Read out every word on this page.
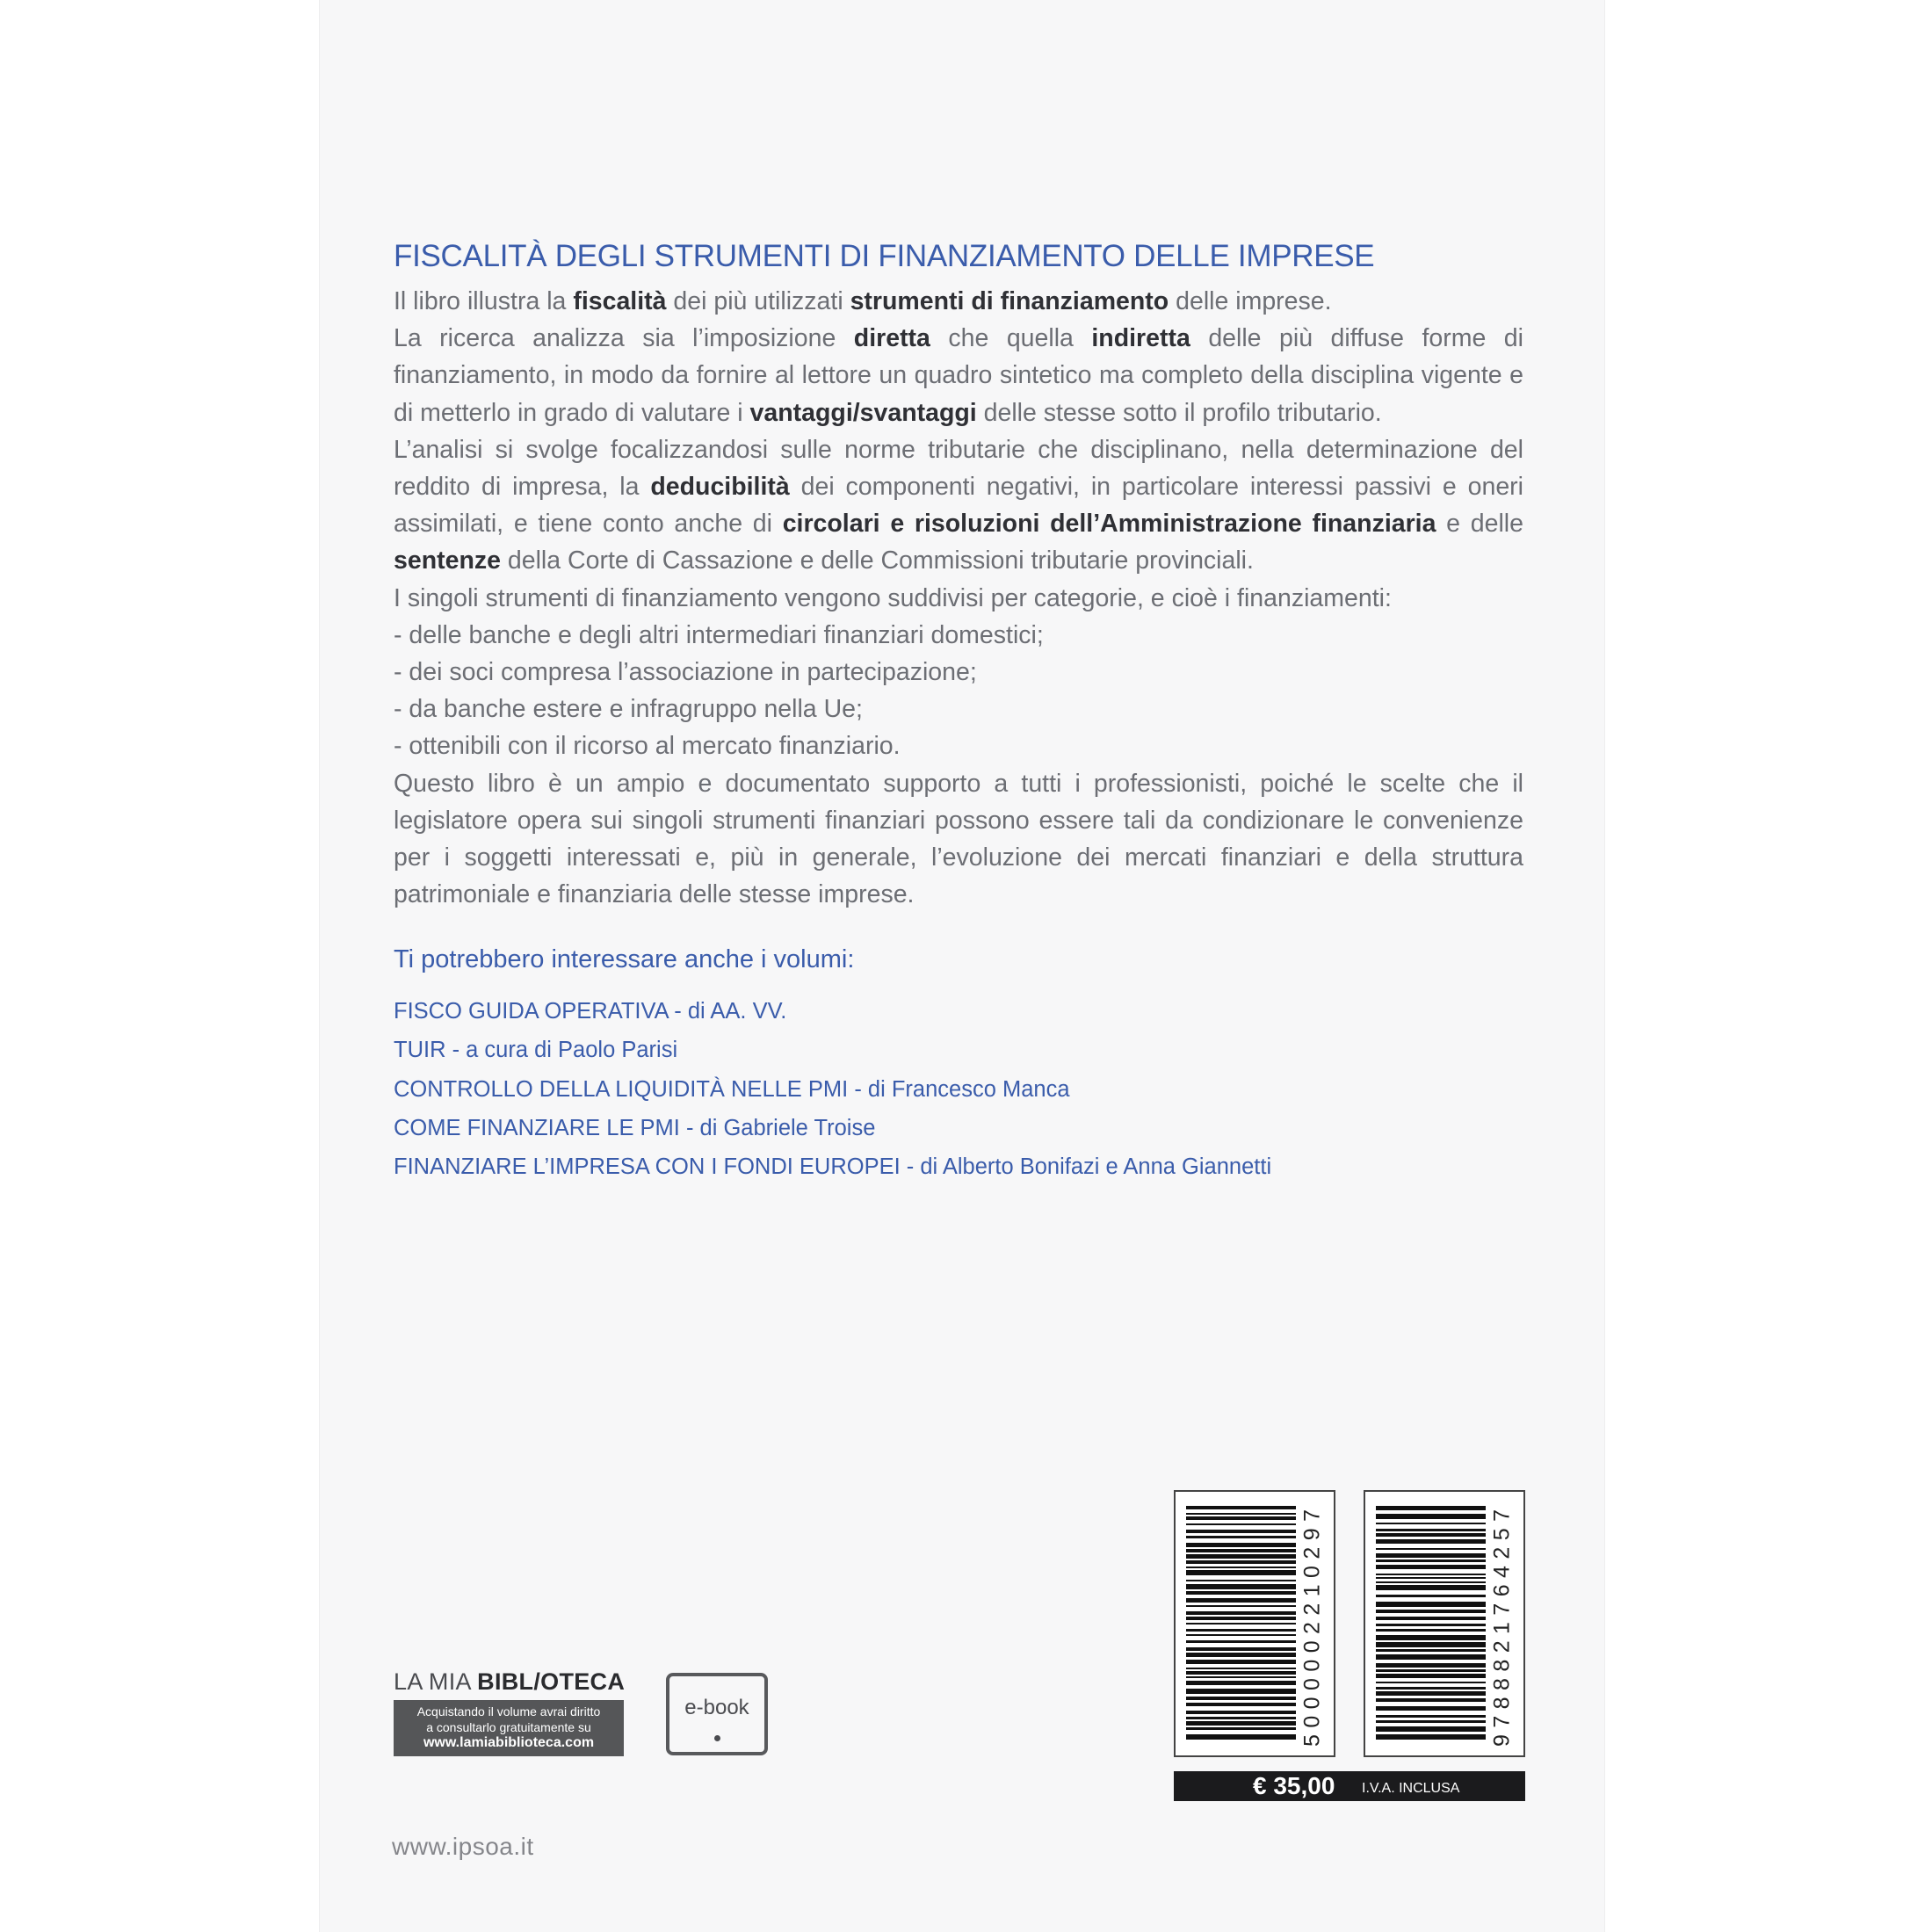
FISCALITÀ DEGLI STRUMENTI DI FINANZIAMENTO DELLE IMPRESE

Il libro illustra la fiscalità dei più utilizzati strumenti di finanziamento delle imprese.

La ricerca analizza sia l’imposizione diretta che quella indiretta delle più diffuse forme di finanziamento, in modo da fornire al lettore un quadro sintetico ma completo della disciplina vigente e di metterlo in grado di valutare i vantaggi/svantaggi delle stesse sotto il profilo tributario.

L’analisi si svolge focalizzandosi sulle norme tributarie che disciplinano, nella determinazione del reddito di impresa, la deducibilità dei componenti negativi, in particolare interessi passivi e oneri assimilati, e tiene conto anche di circolari e risoluzioni dell’Amministrazione finanziaria e delle sentenze della Corte di Cassazione e delle Commissioni tributarie provinciali.

I singoli strumenti di finanziamento vengono suddivisi per categorie, e cioè i finanziamenti:

- delle banche e degli altri intermediari finanziari domestici;

- dei soci compresa l’associazione in partecipazione;

- da banche estere e infragruppo nella Ue;

- ottenibili con il ricorso al mercato finanziario.

Questo libro è un ampio e documentato supporto a tutti i professionisti, poiché le scelte che il legislatore opera sui singoli strumenti finanziari possono essere tali da condizionare le convenienze per i soggetti interessati e, più in generale, l’evoluzione dei mercati finanziari e della struttura patrimoniale e finanziaria delle stesse imprese.

Ti potrebbero interessare anche i volumi:
FISCO GUIDA OPERATIVA - di AA. VV.
TUIR - a cura di Paolo Parisi
CONTROLLO DELLA LIQUIDITÀ NELLE PMI - di Francesco Manca
COME FINANZIARE LE PMI - di Gabriele Troise
FINANZIARE L’IMPRESA CON I FONDI EUROPEI - di Alberto Bonifazi e Anna Giannetti
LA MIA BIBL/OTECA
Acquistando il volume avrai diritto
a consultarlo gratuitamente su
www.lamiabiblioteca.com
e-book
5000002210297
9788821764257
€ 35,00 I.V.A. INCLUSA
www.ipsoa.it
